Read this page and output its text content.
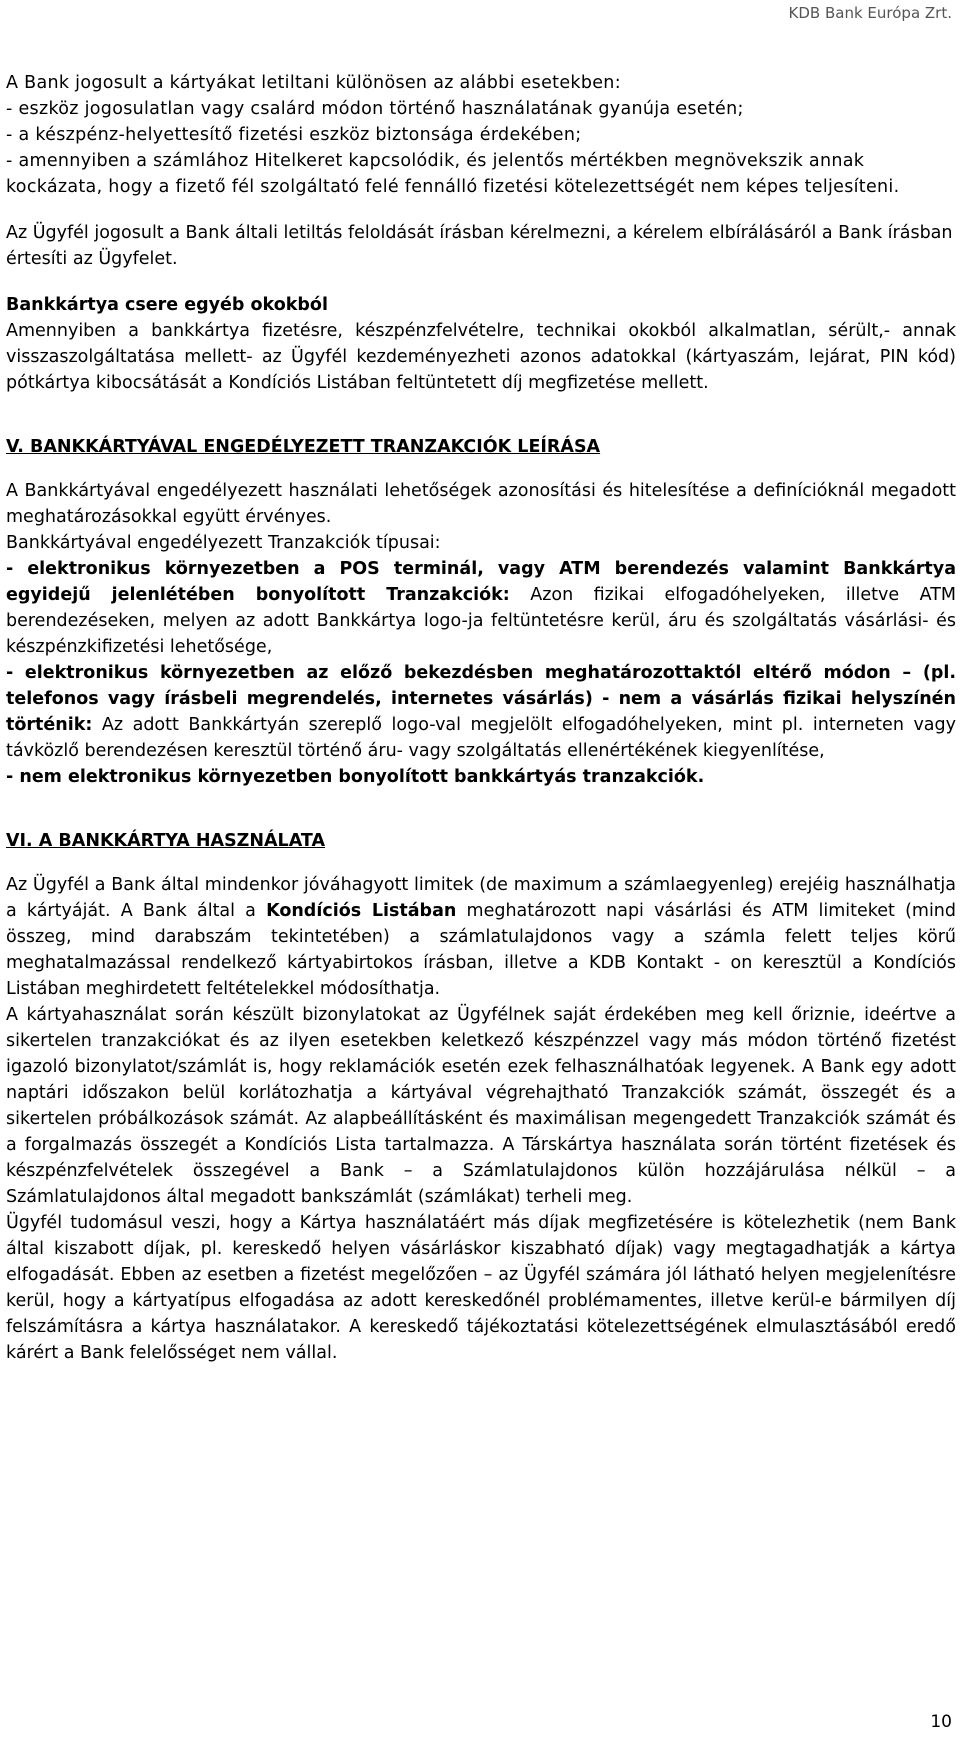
KDB Bank Európa Zrt.

A Bank jogosult a kártyákat letiltani különösen az alábbi esetekben:

- eszköz jogosulatlan vagy csalárd módon történő használatának gyanúja esetén;

- a készpénz-helyettesítő fizetési eszköz biztonsága érdekében;

- amennyiben a számlához Hitelkeret kapcsolódik, és jelentős mértékben megnövekszik annak kockázata, hogy a fizető fél szolgáltató felé fennálló fizetési kötelezettségét nem képes teljesíteni.

Az Ügyfél jogosult a Bank általi letiltás feloldását írásban kérelmezni, a kérelem elbírálásáról a Bank írásban értesíti az Ügyfelet.

Bankkártya csere egyéb okokból

Amennyiben a bankkártya fizetésre, készpénzfelvételre, technikai okokból alkalmatlan, sérült,- annak visszaszolgáltatása mellett- az Ügyfél kezdeményezheti azonos adatokkal (kártyaszám, lejárat, PIN kód) pótkártya kibocsátását a Kondíciós Listában feltüntetett díj megfizetése mellett.

V. BANKKÁRTYÁVAL ENGEDÉLYEZETT TRANZAKCIÓK LEÍRÁSA

A Bankkártyával engedélyezett használati lehetőségek azonosítási és hitelesítése a definícióknál megadott meghatározásokkal együtt érvényes.

Bankkártyával engedélyezett Tranzakciók típusai:

- elektronikus környezetben a POS terminál, vagy ATM berendezés valamint Bankkártya egyidejű jelenlétében bonyolított Tranzakciók: Azon fizikai elfogadóhelyeken, illetve ATM berendezéseken, melyen az adott Bankkártya logo-ja feltüntetésre kerül, áru és szolgáltatás vásárlási- és készpénzkifizetési lehetősége,

- elektronikus környezetben az előző bekezdésben meghatározottaktól eltérő módon – (pl. telefonos vagy írásbeli megrendelés, internetes vásárlás) - nem a vásárlás fizikai helyszínén történik: Az adott Bankkártyán szereplő logo-val megjelölt elfogadóhelyeken, mint pl. interneten vagy távközlő berendezésen keresztül történő áru- vagy szolgáltatás ellenértékének kiegyenlítése,

- nem elektronikus környezetben bonyolított bankkártyás tranzakciók.

VI. A BANKKÁRTYA HASZNÁLATA

Az Ügyfél a Bank által mindenkor jóváhagyott limitek (de maximum a számlaegyenleg) erejéig használhatja a kártyáját. A Bank által a Kondíciós Listában meghatározott napi vásárlási és ATM limiteket (mind összeg, mind darabszám tekintetében) a számlatulajdonos vagy a számla felett teljes körű meghatalmazással rendelkező kártyabirtokos írásban, illetve a KDB Kontakt - on keresztül a Kondíciós Listában meghirdetett feltételekkel módosíthatja.

A kártyahasználat során készült bizonylatokat az Ügyfélnek saját érdekében meg kell őriznie, ideértve a sikertelen tranzakciókat és az ilyen esetekben keletkező készpénzzel vagy más módon történő fizetést igazoló bizonylatot/számlát is, hogy reklamációk esetén ezek felhasználhatóak legyenek. A Bank egy adott naptári időszakon belül korlátozhatja a kártyával végrehajtható Tranzakciók számát, összegét és a sikertelen próbálkozások számát. Az alapbeállításként és maximálisan megengedett Tranzakciók számát és a forgalmazás összegét a Kondíciós Lista tartalmazza. A Társkártya használata során történt fizetések és készpénzfelvételek összegével a Bank – a Számlatulajdonos külön hozzájárulása nélkül – a Számlatulajdonos által megadott bankszámlát (számlákat) terheli meg.

Ügyfél tudomásul veszi, hogy a Kártya használatáért más díjak megfizetésére is kötelezhetik (nem Bank által kiszabott díjak, pl. kereskedő helyen vásárláskor kiszabható díjak) vagy megtagadhatják a kártya elfogadását. Ebben az esetben a fizetést megelőzően – az Ügyfél számára jól látható helyen megjelenítésre kerül, hogy a kártyatípus elfogadása az adott kereskedőnél problémamentes, illetve kerül-e bármilyen díj felszámításra a kártya használatakor. A kereskedő tájékoztatási kötelezettségének elmulasztásából eredő kárért a Bank felelősséget nem vállal.

10
